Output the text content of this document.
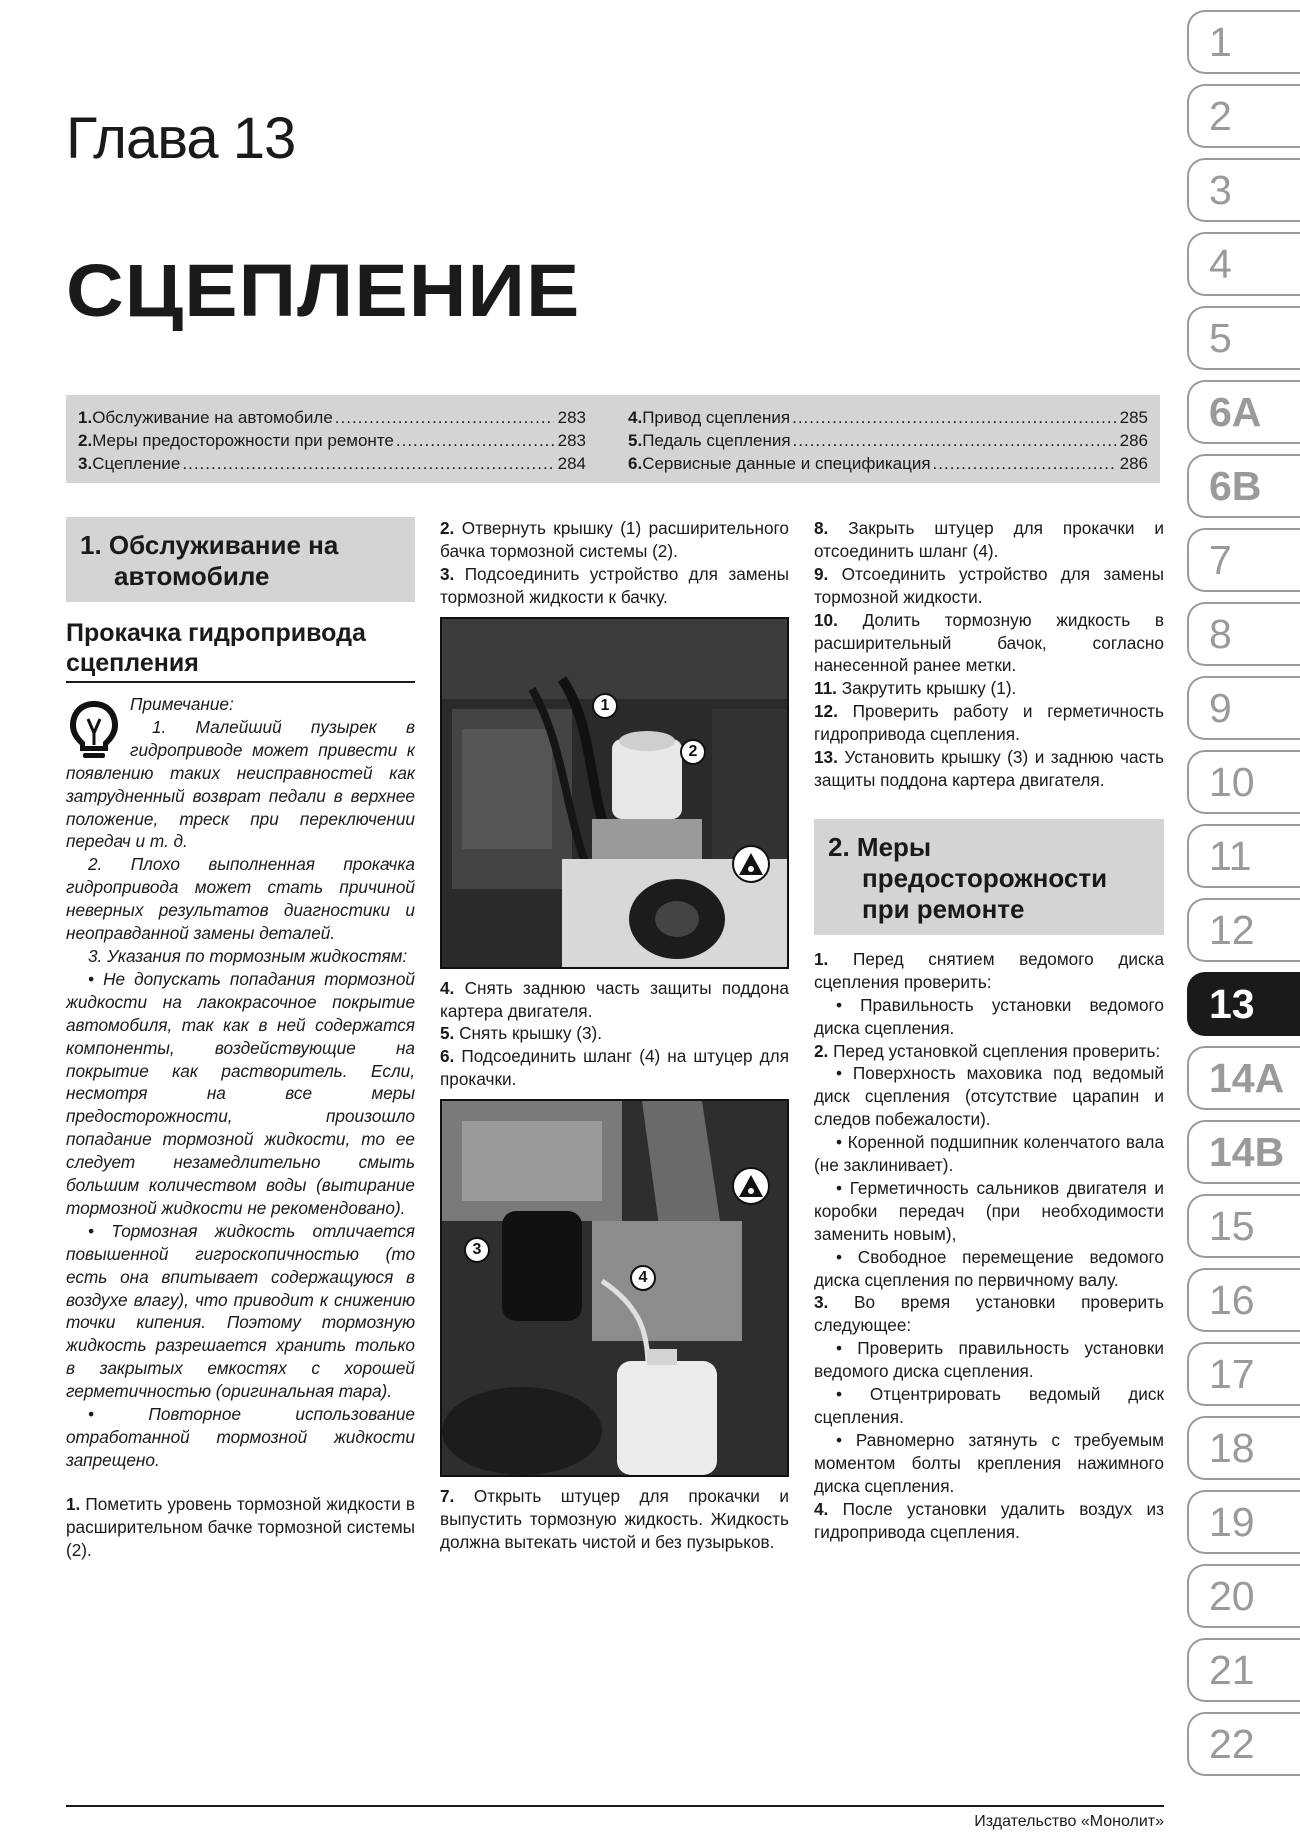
Глава 13
СЦЕПЛЕНИЕ
1. Обслуживание на автомобиле .....	283
2. Меры предосторожности при ремонте .....	283
3. Сцепление .....	284
4. Привод сцепления .....	285
5. Педаль сцепления .....	286
6. Сервисные данные и спецификация .....	286
1. Обслуживание на
автомобиле
Прокачка гидропривода сцепления
Примечание:

1. Малейший пузырек в гидроприводе может привести к появлению таких неисправностей как затрудненный возврат педали в верхнее положение, треск при переключении передач и т. д.

2. Плохо выполненная прокачка гидропривода может стать причиной неверных результатов диагностики и неоправданной замены деталей.

3. Указания по тормозным жидкостям:

• Не допускать попадания тормозной жидкости на лакокрасочное покрытие автомобиля, так как в ней содержатся компоненты, воздействующие на покрытие как растворитель. Если, несмотря на все меры предосторожности, произошло попадание тормозной жидкости, то ее следует незамедлительно смыть большим количеством воды (вытирание тормозной жидкости не рекомендовано).

• Тормозная жидкость отличается повышенной гигроскопичностью (то есть она впитывает содержащуюся в воздухе влагу), что приводит к снижению точки кипения. Поэтому тормозную жидкость разрешается хранить только в закрытых емкостях с хорошей герметичностью (оригинальная тара).

• Повторное использование отработанной тормозной жидкости запрещено.

1. Пометить уровень тормозной жидкости в расширительном бачке тормозной системы (2).

2. Отвернуть крышку (1) расширительного бачка тормозной системы (2).

3. Подсоединить устройство для замены тормозной жидкости к бачку.

1
2

4. Снять заднюю часть защиты поддона картера двигателя.

5. Снять крышку (3).

6. Подсоединить шланг (4) на штуцер для прокачки.

3
4

7. Открыть штуцер для прокачки и выпустить тормозную жидкость. Жидкость должна вытекать чистой и без пузырьков.

8. Закрыть штуцер для прокачки и отсоединить шланг (4).

9. Отсоединить устройство для замены тормозной жидкости.

10. Долить тормозную жидкость в расширительный бачок, согласно нанесенной ранее метки.

11. Закрутить крышку (1).

12. Проверить работу и герметичность гидропривода сцепления.

13. Установить крышку (3) и заднюю часть защиты поддона картера двигателя.

2. Меры
предосторожности
при ремонте

1. Перед снятием ведомого диска сцепления проверить:

• Правильность установки ведомого диска сцепления.

2. Перед установкой сцепления проверить:

• Поверхность маховика под ведомый диск сцепления (отсутствие царапин и следов побежалости).

• Коренной подшипник коленчатого вала (не заклинивает).

• Герметичность сальников двигателя и коробки передач (при необходимости заменить новым),

• Свободное перемещение ведомого диска сцепления по первичному валу.

3. Во время установки проверить следующее:

• Проверить правильность установки ведомого диска сцепления.

• Отцентрировать ведомый диск сцепления.

• Равномерно затянуть с требуемым моментом болты крепления нажимного диска сцепления.

4. После установки удалить воздух из гидропривода сцепления.

1
2
3
4
5
6A
6B
7
8
9
10
11
12
13
14A
14B
15
16
17
18
19
20
21
22
Издательство «Монолит»
